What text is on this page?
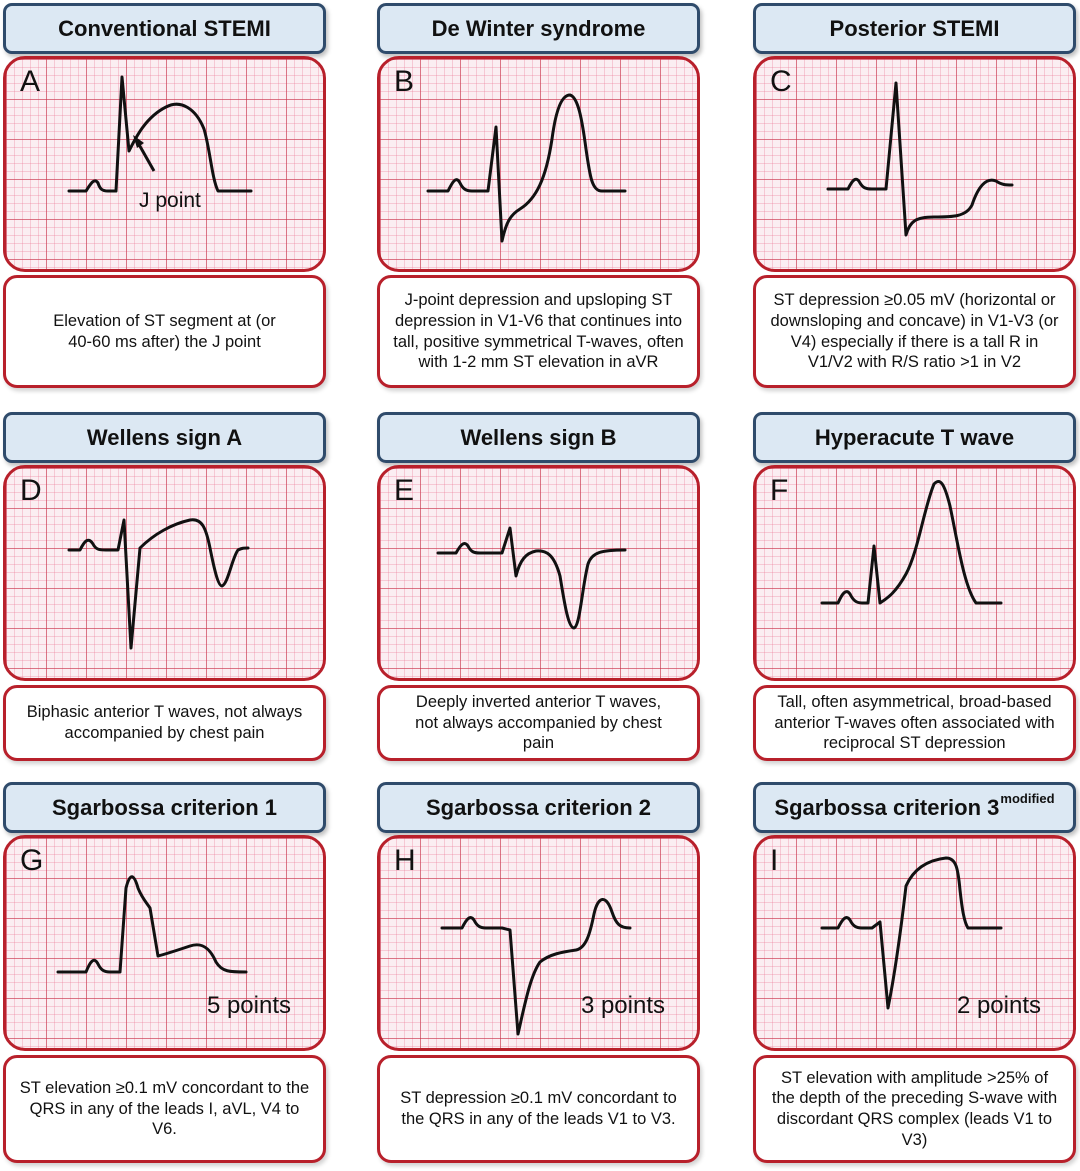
Conventional STEMI
A
J point
Elevation of ST segment at (or 40-60 ms after) the J point
De Winter syndrome
B
J-point depression and upsloping ST depression in V1-V6 that continues into tall, positive symmetrical T-waves, often with 1-2 mm ST elevation in aVR
Posterior STEMI
C
ST depression ≥0.05 mV (horizontal or downsloping and concave) in V1-V3 (or V4) especially if there is a tall R in V1/V2 with R/S ratio >1 in V2
Wellens sign A
D
Biphasic anterior T waves, not always accompanied by chest pain
Wellens sign B
E
Deeply inverted anterior T waves, not always accompanied by chest pain
Hyperacute T wave
F
Tall, often asymmetrical, broad-based anterior T-waves often associated with reciprocal ST depression
Sgarbossa criterion 1
G
5 points
ST elevation ≥0.1 mV concordant to the QRS in any of the leads I, aVL, V4 to V6.
Sgarbossa criterion 2
H
3 points
ST depression ≥0.1 mV concordant to the QRS in any of the leads V1 to V3.
Sgarbossa criterion $3^{modified}$
I
2 points
ST elevation with amplitude >25% of the depth of the preceding S-wave with discordant QRS complex (leads V1 to V3)
